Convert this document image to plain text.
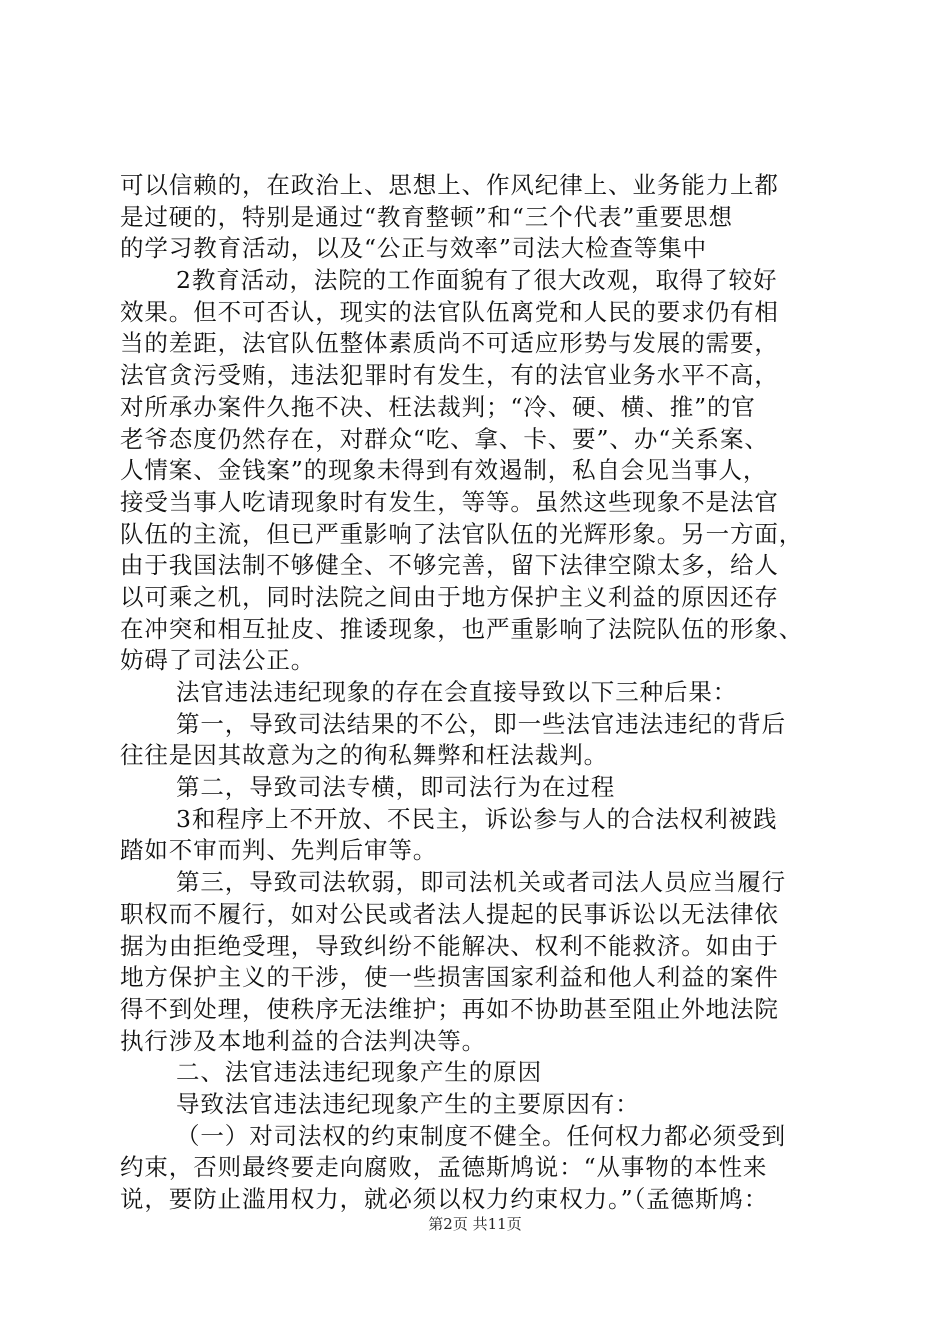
可以信赖的，在政治上、思想上、作风纪律上、业务能力上都
是过硬的，特别是通过“教育整顿”和“三个代表”重要思想
的学习教育活动，以及“公正与效率”司法大检查等集中
2教育活动，法院的工作面貌有了很大改观，取得了较好
效果。但不可否认，现实的法官队伍离党和人民的要求仍有相
当的差距，法官队伍整体素质尚不可适应形势与发展的需要，
法官贪污受贿，违法犯罪时有发生，有的法官业务水平不高，
对所承办案件久拖不决、枉法裁判；“冷、硬、横、推”的官
老爷态度仍然存在，对群众“吃、拿、卡、要”、办“关系案、
人情案、金钱案”的现象未得到有效遏制，私自会见当事人，
接受当事人吃请现象时有发生，等等。虽然这些现象不是法官
队伍的主流，但已严重影响了法官队伍的光辉形象。另一方面，
由于我国法制不够健全、不够完善，留下法律空隙太多，给人
以可乘之机，同时法院之间由于地方保护主义利益的原因还存
在冲突和相互扯皮、推诿现象，也严重影响了法院队伍的形象、
妨碍了司法公正。
法官违法违纪现象的存在会直接导致以下三种后果：
第一，导致司法结果的不公，即一些法官违法违纪的背后
往往是因其故意为之的徇私舞弊和枉法裁判。
第二，导致司法专横，即司法行为在过程
3和程序上不开放、不民主，诉讼参与人的合法权利被践
踏如不审而判、先判后审等。
第三，导致司法软弱，即司法机关或者司法人员应当履行
职权而不履行，如对公民或者法人提起的民事诉讼以无法律依
据为由拒绝受理，导致纠纷不能解决、权利不能救济。如由于
地方保护主义的干涉，使一些损害国家利益和他人利益的案件
得不到处理，使秩序无法维护；再如不协助甚至阻止外地法院
执行涉及本地利益的合法判决等。
二、法官违法违纪现象产生的原因
导致法官违法违纪现象产生的主要原因有：
（一）对司法权的约束制度不健全。任何权力都必须受到
约束，否则最终要走向腐败，孟德斯鸠说：“从事物的本性来
说，要防止滥用权力，就必须以权力约束权力。”（孟德斯鸠：
第2页 共11页
